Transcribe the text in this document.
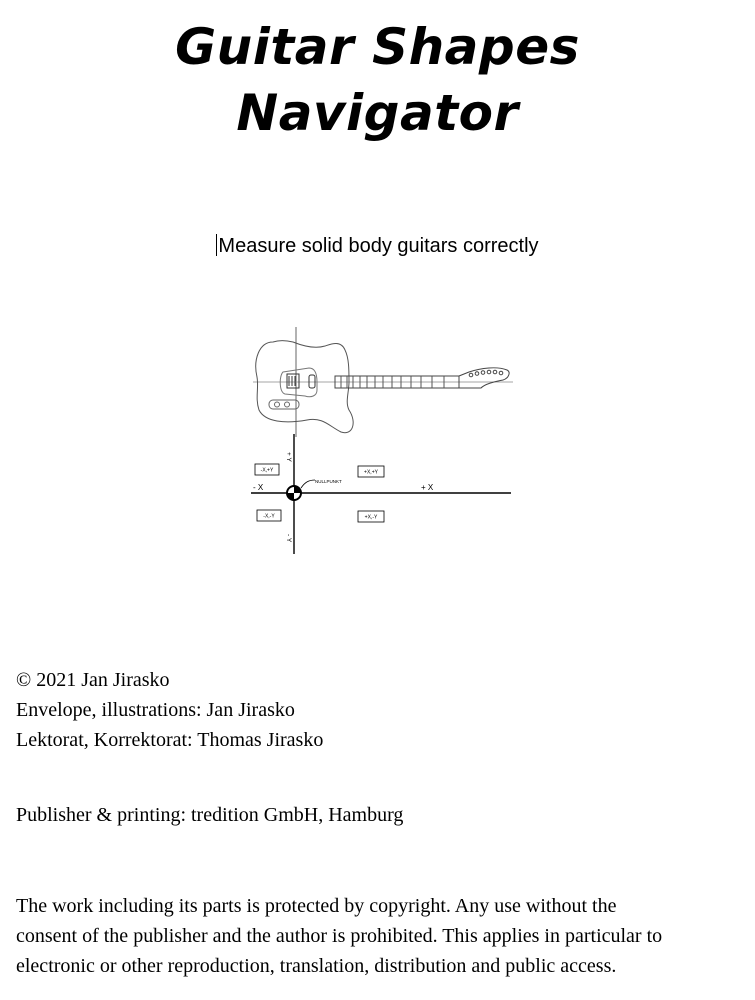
Guitar Shapes
Navigator
Measure solid body guitars correctly
+ Y
- Y
- X	+ X
NULLPUNKT
-X,+Y	+X,+Y
-X,-Y	+X,-Y
© 2021 Jan Jirasko
Envelope, illustrations: Jan Jirasko
Lektorat, Korrektorat: Thomas Jirasko
Publisher & printing: tredition GmbH, Hamburg
The work including its parts is protected by copyright. Any use without the
consent of the publisher and the author is prohibited. This applies in particular to
electronic or other reproduction, translation, distribution and public access.
